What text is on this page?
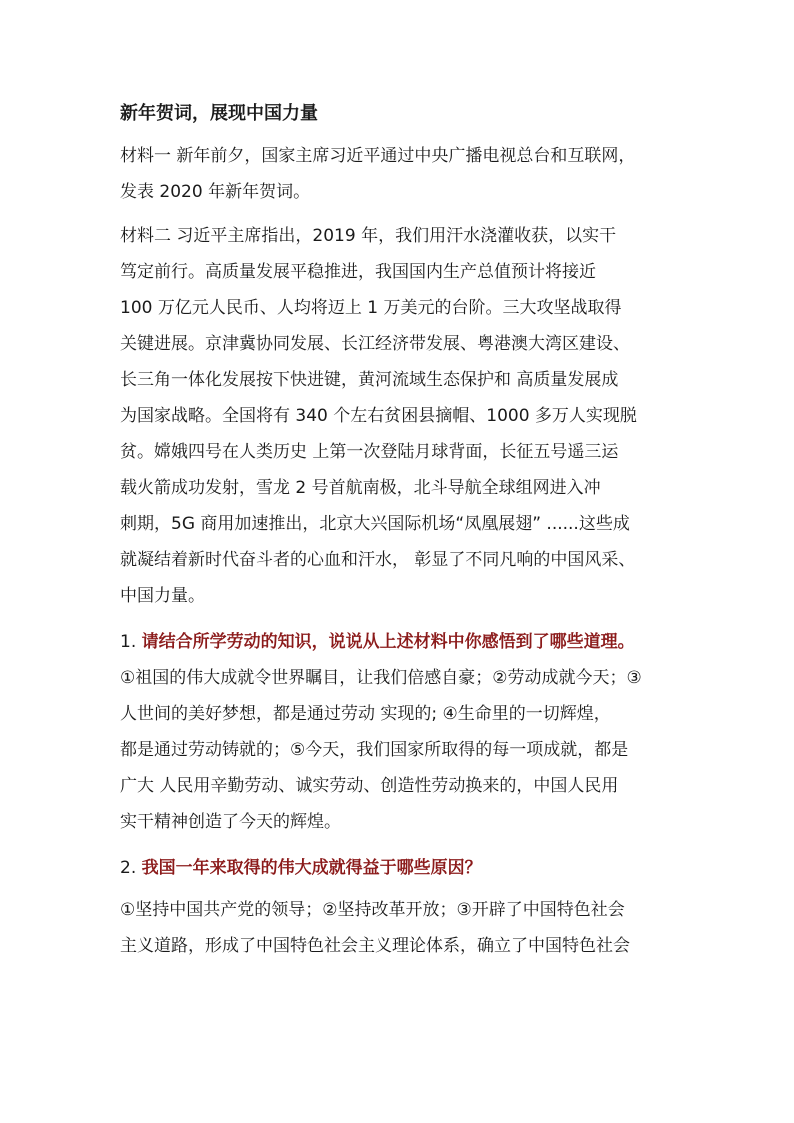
新年贺词，展现中国力量
材料一 新年前夕，国家主席习近平通过中央广播电视总台和互联网，
发表 2020 年新年贺词。
材料二 习近平主席指出，2019 年，我们用汗水浇灌收获，以实干
笃定前行。高质量发展平稳推进，我国国内生产总值预计将接近
100 万亿元人民币、人均将迈上 1 万美元的台阶。三大攻坚战取得
关键进展。京津冀协同发展、长江经济带发展、粤港澳大湾区建设、
长三角一体化发展按下快进键，黄河流域生态保护和 高质量发展成
为国家战略。全国将有 340 个左右贫困县摘帽、1000 多万人实现脱
贫。嫦娥四号在人类历史 上第一次登陆月球背面，长征五号遥三运
载火箭成功发射，雪龙 2 号首航南极，北斗导航全球组网进入冲
刺期，5G 商用加速推出，北京大兴国际机场“凤凰展翅” ......这些成
就凝结着新时代奋斗者的心血和汗水， 彰显了不同凡响的中国风采、
中国力量。
1. 请结合所学劳动的知识，说说从上述材料中你感悟到了哪些道理。
①祖国的伟大成就令世界瞩目，让我们倍感自豪；②劳动成就今天；③
人世间的美好梦想，都是通过劳动 实现的; ④生命里的一切辉煌，
都是通过劳动铸就的；⑤今天，我们国家所取得的每一项成就，都是
广大 人民用辛勤劳动、诚实劳动、创造性劳动换来的，中国人民用
实干精神创造了今天的辉煌。
2. 我国一年来取得的伟大成就得益于哪些原因？
①坚持中国共产党的领导；②坚持改革开放；③开辟了中国特色社会
主义道路，形成了中国特色社会主义理论体系，确立了中国特色社会
